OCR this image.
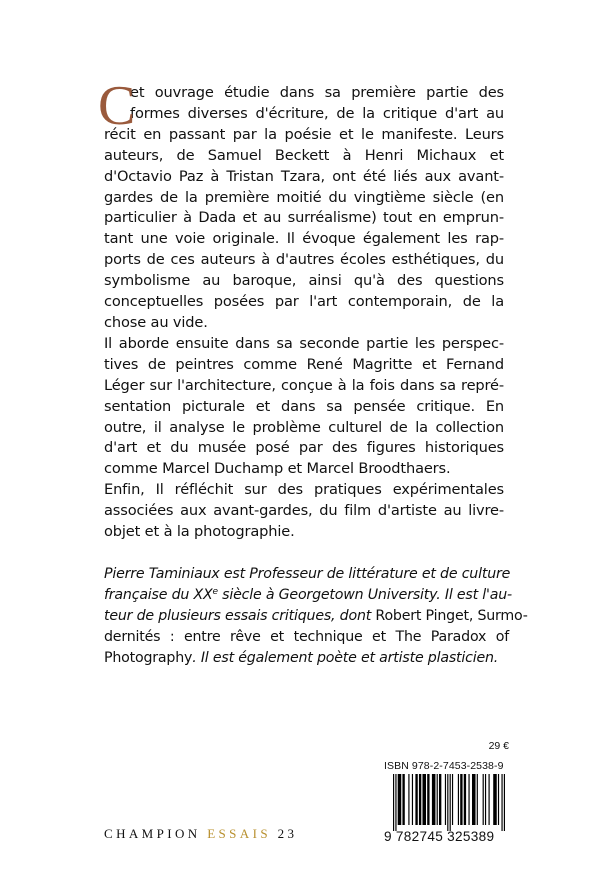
C
et ouvrage étudie dans sa première partie des
formes diverses d'écriture, de la critique d'art au
récit en passant par la poésie et le manifeste. Leurs
auteurs, de Samuel Beckett à Henri Michaux et
d'Octavio Paz à Tristan Tzara, ont été liés aux avant-
gardes de la première moitié du vingtième siècle (en
particulier à Dada et au surréalisme) tout en emprun-
tant une voie originale. Il évoque également les rap-
ports de ces auteurs à d'autres écoles esthétiques, du
symbolisme au baroque, ainsi qu'à des questions
conceptuelles posées par l'art contemporain, de la
chose au vide.
Il aborde ensuite dans sa seconde partie les perspec-
tives de peintres comme René Magritte et Fernand
Léger sur l'architecture, conçue à la fois dans sa repré-
sentation picturale et dans sa pensée critique. En
outre, il analyse le problème culturel de la collection
d'art et du musée posé par des figures historiques
comme Marcel Duchamp et Marcel Broodthaers.
Enfin, Il réfléchit sur des pratiques expérimentales
associées aux avant-gardes, du film d'artiste au livre-
objet et à la photographie.
Pierre Taminiaux est Professeur de littérature et de culture
française du XXe siècle à Georgetown University. Il est l'au-
teur de plusieurs essais critiques, dont Robert Pinget, Surmo-
dernités : entre rêve et technique et The Paradox of
Photography. Il est également poète et artiste plasticien.
29 €
ISBN 978-2-7453-2538-9
9 782745 325389
CHAMPION ESSAIS 23
